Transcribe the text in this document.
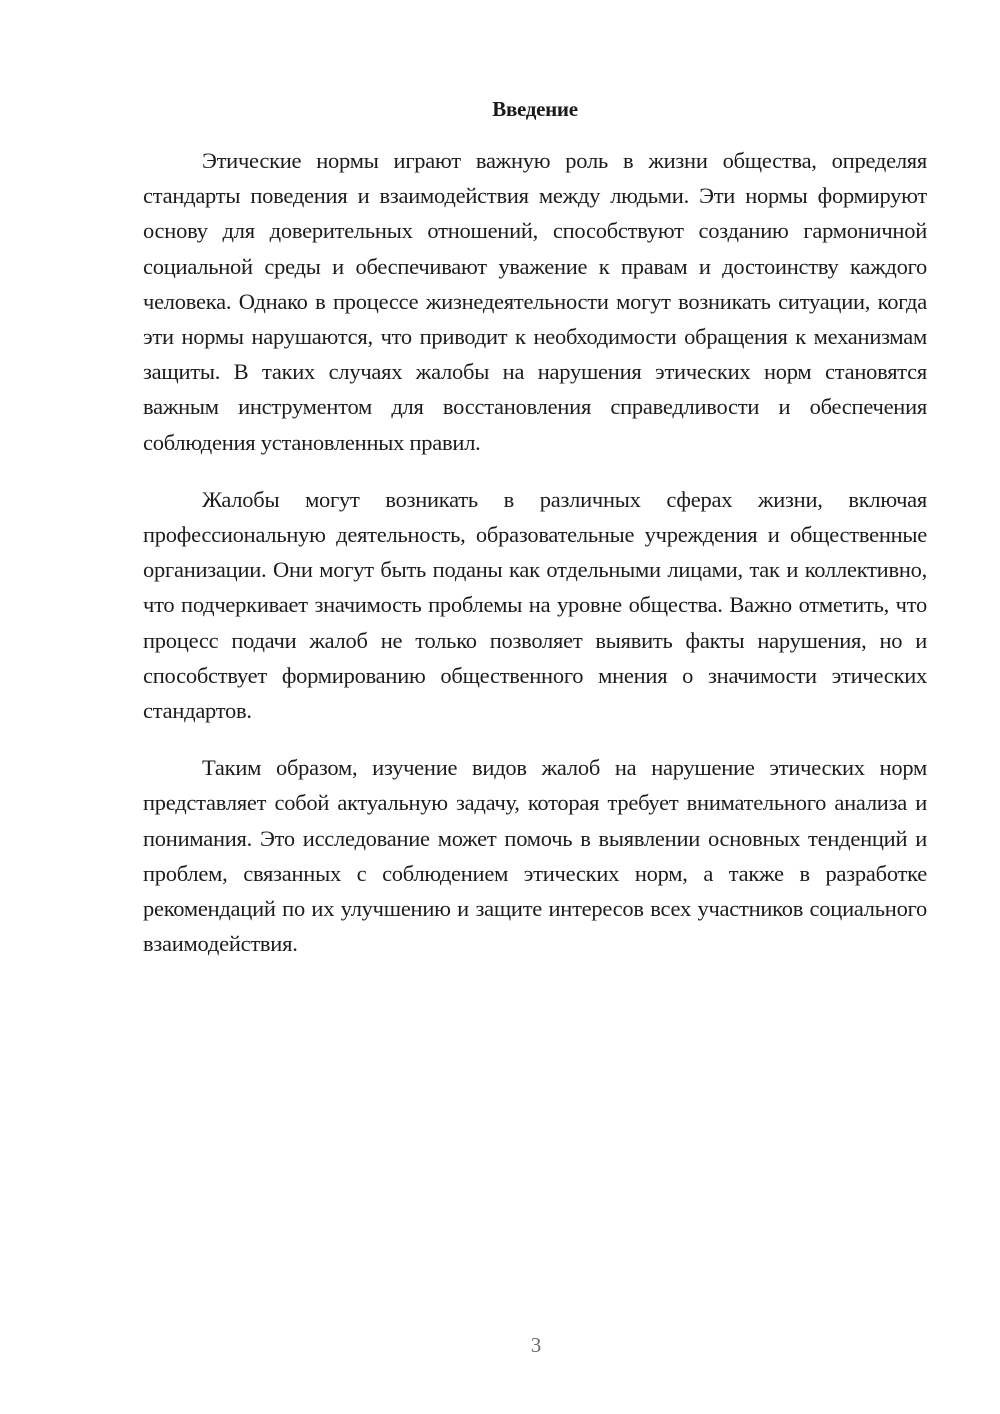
Введение

Этические нормы играют важную роль в жизни общества, определяя стандарты поведения и взаимодействия между людьми. Эти нормы формируют основу для доверительных отношений, способствуют созданию гармоничной социальной среды и обеспечивают уважение к правам и достоинству каждого человека. Однако в процессе жизнедеятельности могут возникать ситуации, когда эти нормы нарушаются, что приводит к необходимости обращения к механизмам защиты. В таких случаях жалобы на нарушения этических норм становятся важным инструментом для восстановления справедливости и обеспечения соблюдения установленных правил.

Жалобы могут возникать в различных сферах жизни, включая профессиональную деятельность, образовательные учреждения и общественные организации. Они могут быть поданы как отдельными лицами, так и коллективно, что подчеркивает значимость проблемы на уровне общества. Важно отметить, что процесс подачи жалоб не только позволяет выявить факты нарушения, но и способствует формированию общественного мнения о значимости этических стандартов.

Таким образом, изучение видов жалоб на нарушение этических норм представляет собой актуальную задачу, которая требует внимательного анализа и понимания. Это исследование может помочь в выявлении основных тенденций и проблем, связанных с соблюдением этических норм, а также в разработке рекомендаций по их улучшению и защите интересов всех участников социального взаимодействия.

3
